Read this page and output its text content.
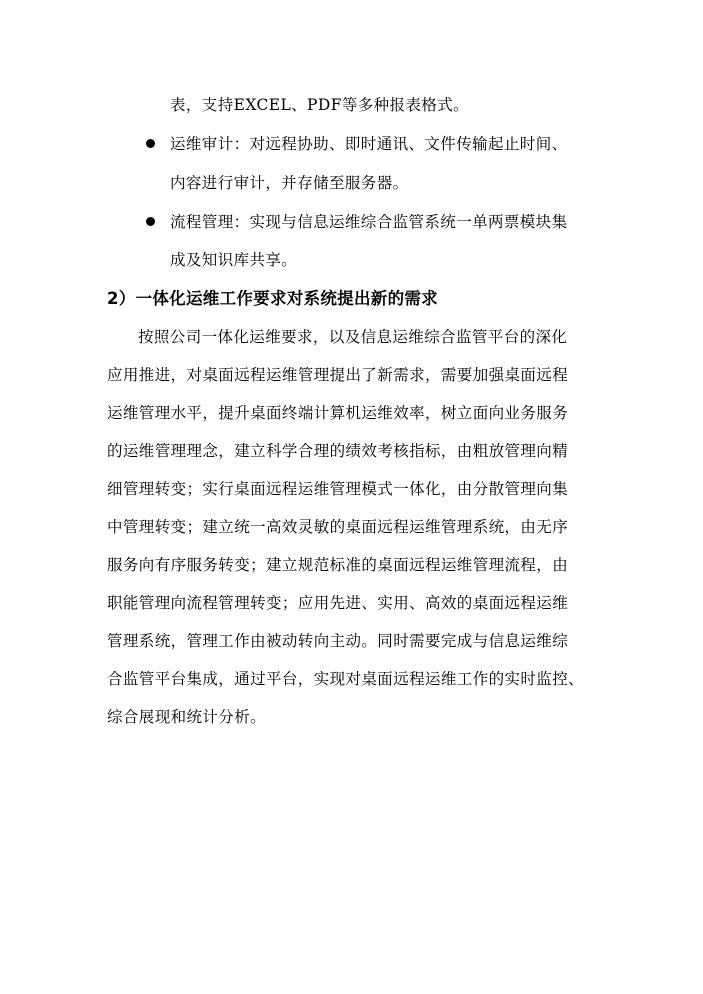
表，支持EXCEL、PDF等多种报表格式。
运维审计：对远程协助、即时通讯、文件传输起止时间、
内容进行审计，并存储至服务器。
流程管理：实现与信息运维综合监管系统一单两票模块集
成及知识库共享。
2）一体化运维工作要求对系统提出新的需求
按照公司一体化运维要求，以及信息运维综合监管平台的深化
应用推进，对桌面远程运维管理提出了新需求，需要加强桌面远程
运维管理水平，提升桌面终端计算机运维效率，树立面向业务服务
的运维管理理念，建立科学合理的绩效考核指标，由粗放管理向精
细管理转变；实行桌面远程运维管理模式一体化，由分散管理向集
中管理转变；建立统一高效灵敏的桌面远程运维管理系统，由无序
服务向有序服务转变；建立规范标准的桌面远程运维管理流程，由
职能管理向流程管理转变；应用先进、实用、高效的桌面远程运维
管理系统，管理工作由被动转向主动。同时需要完成与信息运维综
合监管平台集成，通过平台，实现对桌面远程运维工作的实时监控、
综合展现和统计分析。
